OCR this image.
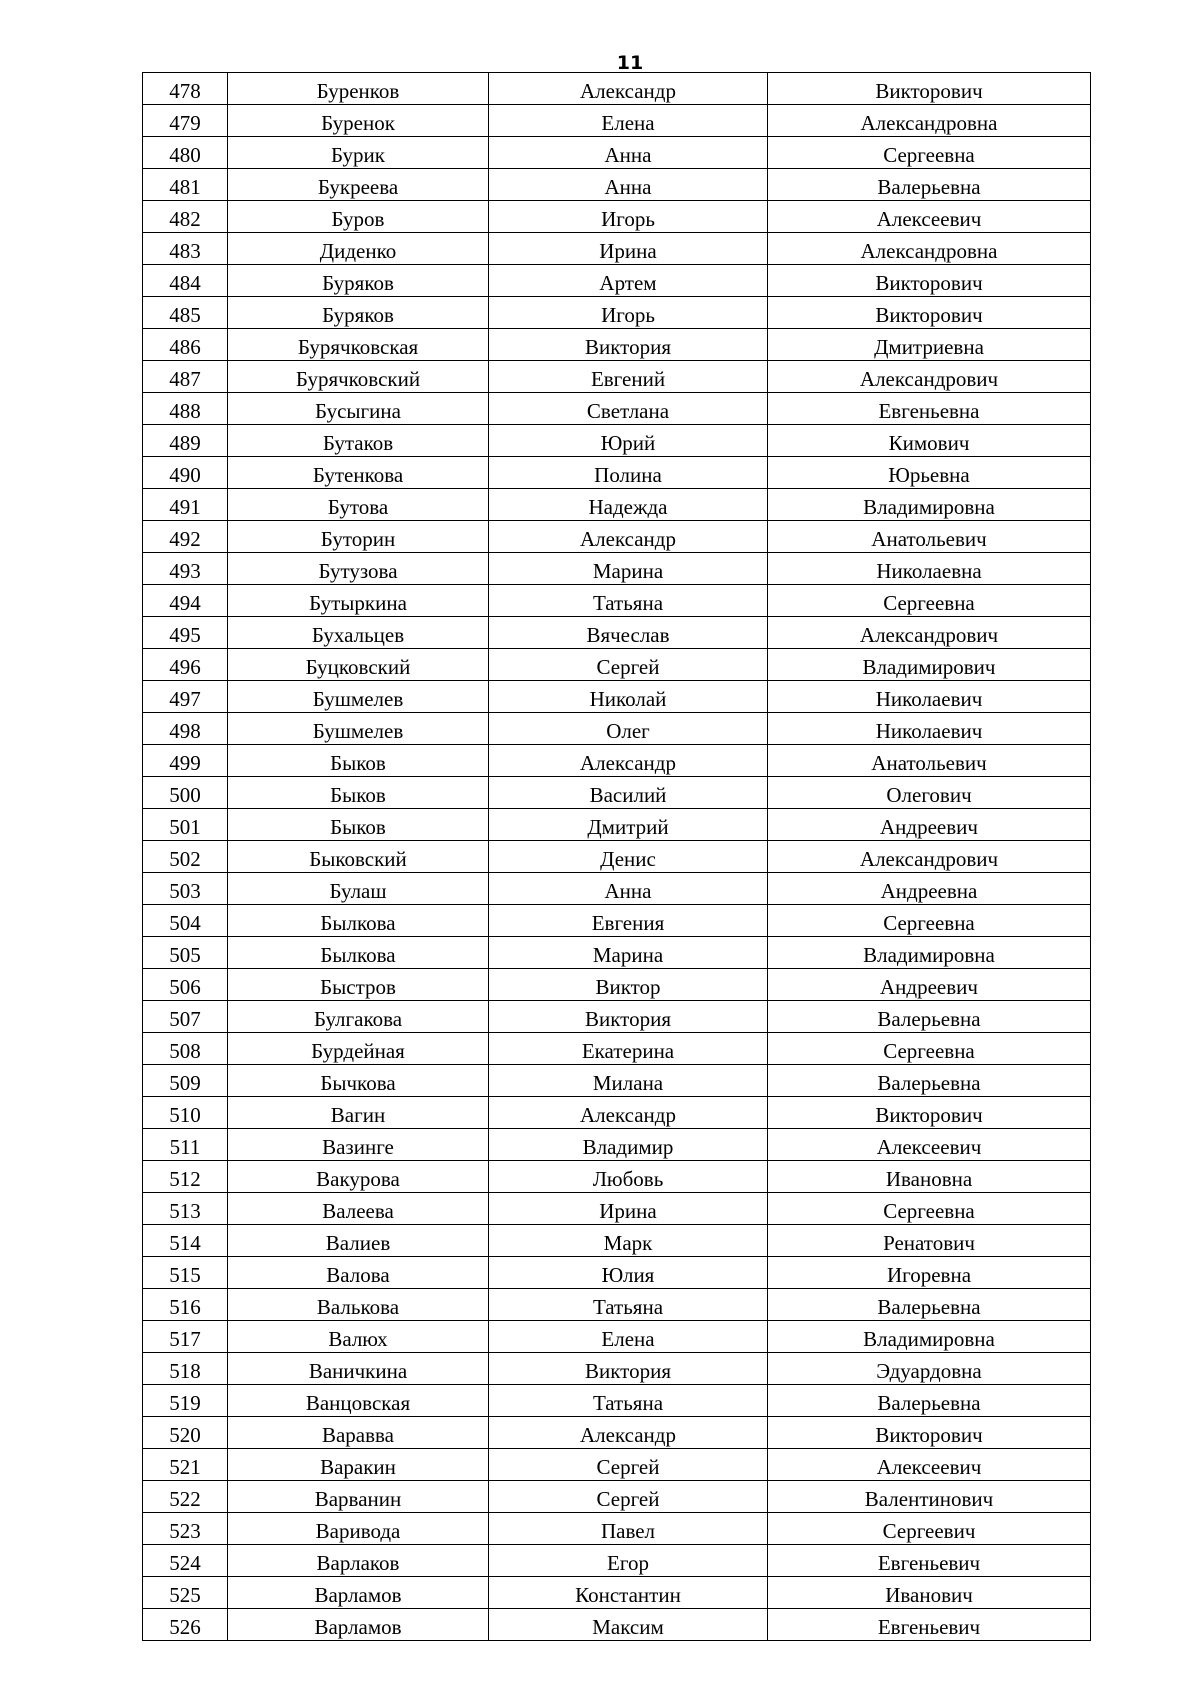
11
478	Буренков	Александр	Викторович
479	Буренок	Елена	Александровна
480	Бурик	Анна	Сергеевна
481	Букреева	Анна	Валерьевна
482	Буров	Игорь	Алексеевич
483	Диденко	Ирина	Александровна
484	Буряков	Артем	Викторович
485	Буряков	Игорь	Викторович
486	Бурячковская	Виктория	Дмитриевна
487	Бурячковский	Евгений	Александрович
488	Бусыгина	Светлана	Евгеньевна
489	Бутаков	Юрий	Кимович
490	Бутенкова	Полина	Юрьевна
491	Бутова	Надежда	Владимировна
492	Буторин	Александр	Анатольевич
493	Бутузова	Марина	Николаевна
494	Бутыркина	Татьяна	Сергеевна
495	Бухальцев	Вячеслав	Александрович
496	Буцковский	Сергей	Владимирович
497	Бушмелев	Николай	Николаевич
498	Бушмелев	Олег	Николаевич
499	Быков	Александр	Анатольевич
500	Быков	Василий	Олегович
501	Быков	Дмитрий	Андреевич
502	Быковский	Денис	Александрович
503	Булаш	Анна	Андреевна
504	Былкова	Евгения	Сергеевна
505	Былкова	Марина	Владимировна
506	Быстров	Виктор	Андреевич
507	Булгакова	Виктория	Валерьевна
508	Бурдейная	Екатерина	Сергеевна
509	Бычкова	Милана	Валерьевна
510	Вагин	Александр	Викторович
511	Вазинге	Владимир	Алексеевич
512	Вакурова	Любовь	Ивановна
513	Валеева	Ирина	Сергеевна
514	Валиев	Марк	Ренатович
515	Валова	Юлия	Игоревна
516	Валькова	Татьяна	Валерьевна
517	Валюх	Елена	Владимировна
518	Ваничкина	Виктория	Эдуардовна
519	Ванцовская	Татьяна	Валерьевна
520	Варавва	Александр	Викторович
521	Варакин	Сергей	Алексеевич
522	Варванин	Сергей	Валентинович
523	Варивода	Павел	Сергеевич
524	Варлаков	Егор	Евгеньевич
525	Варламов	Константин	Иванович
526	Варламов	Максим	Евгеньевич
